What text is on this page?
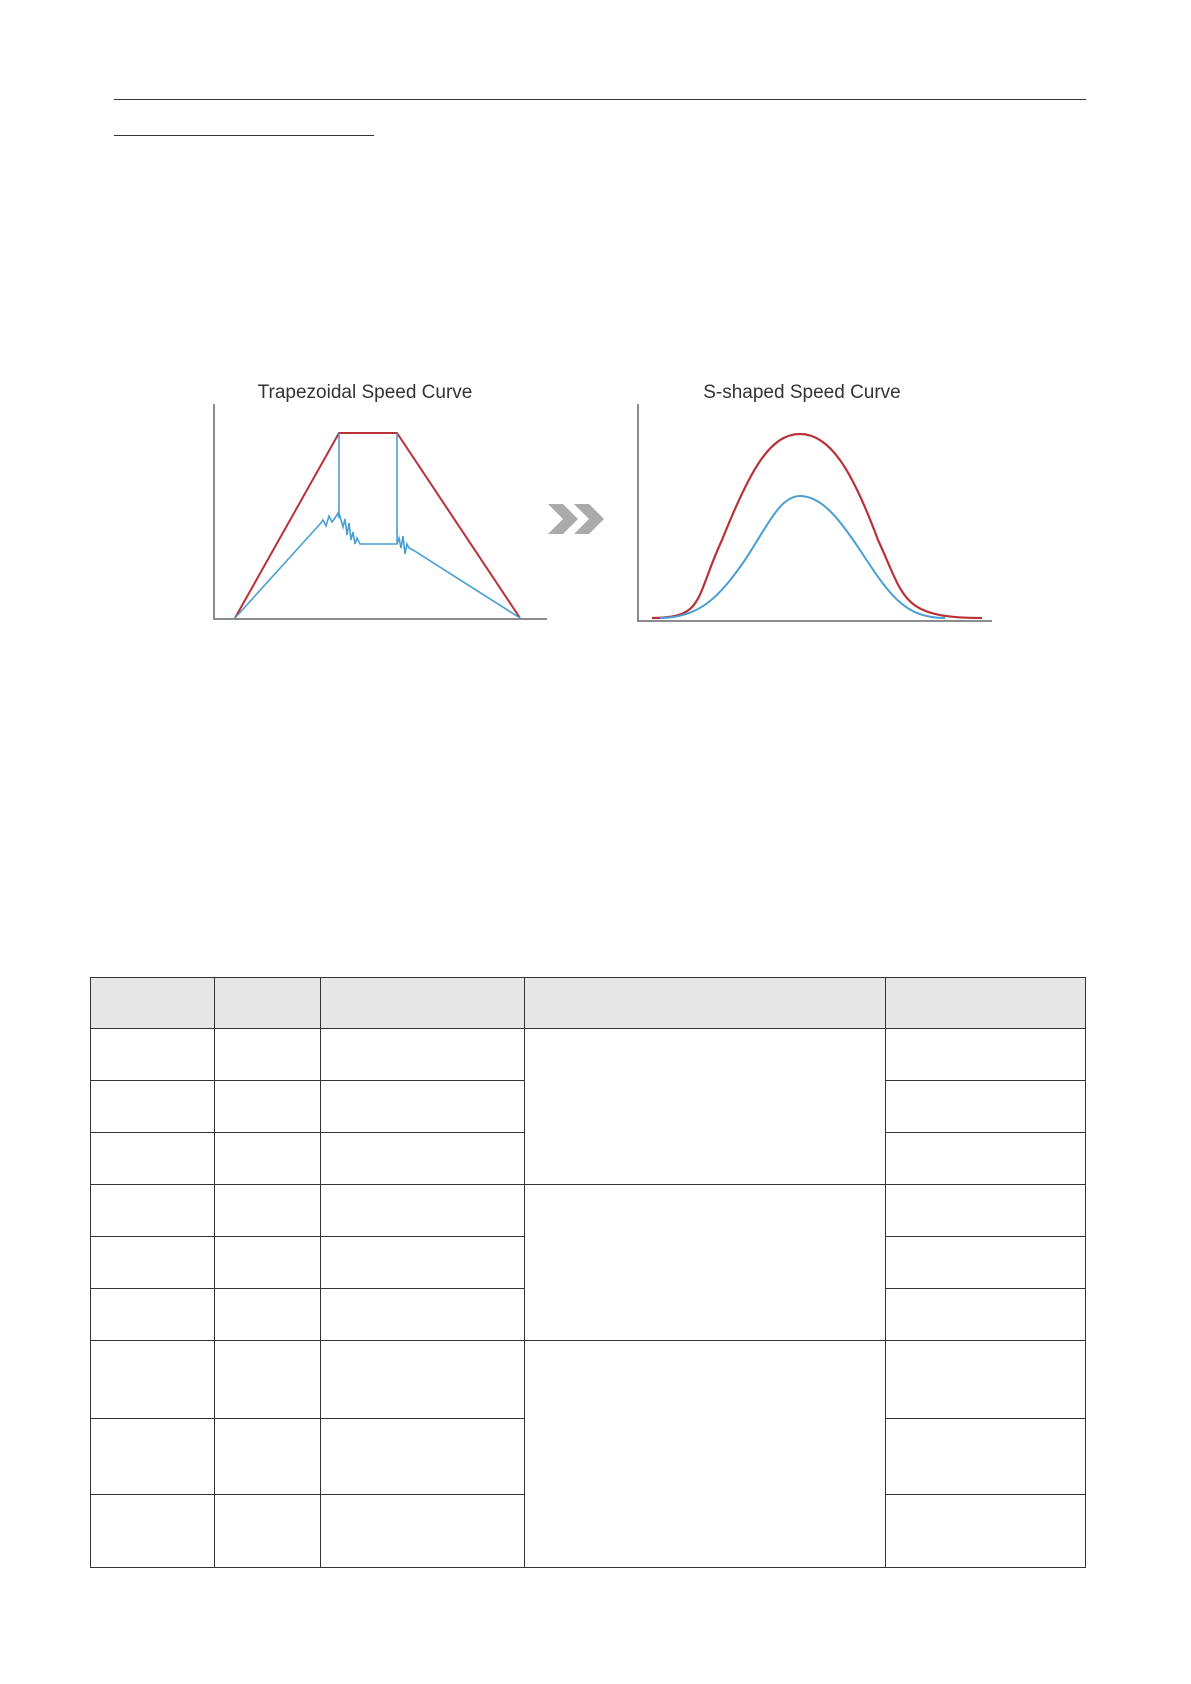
Trapezoidal Speed Curve	S-shaped Speed Curve
